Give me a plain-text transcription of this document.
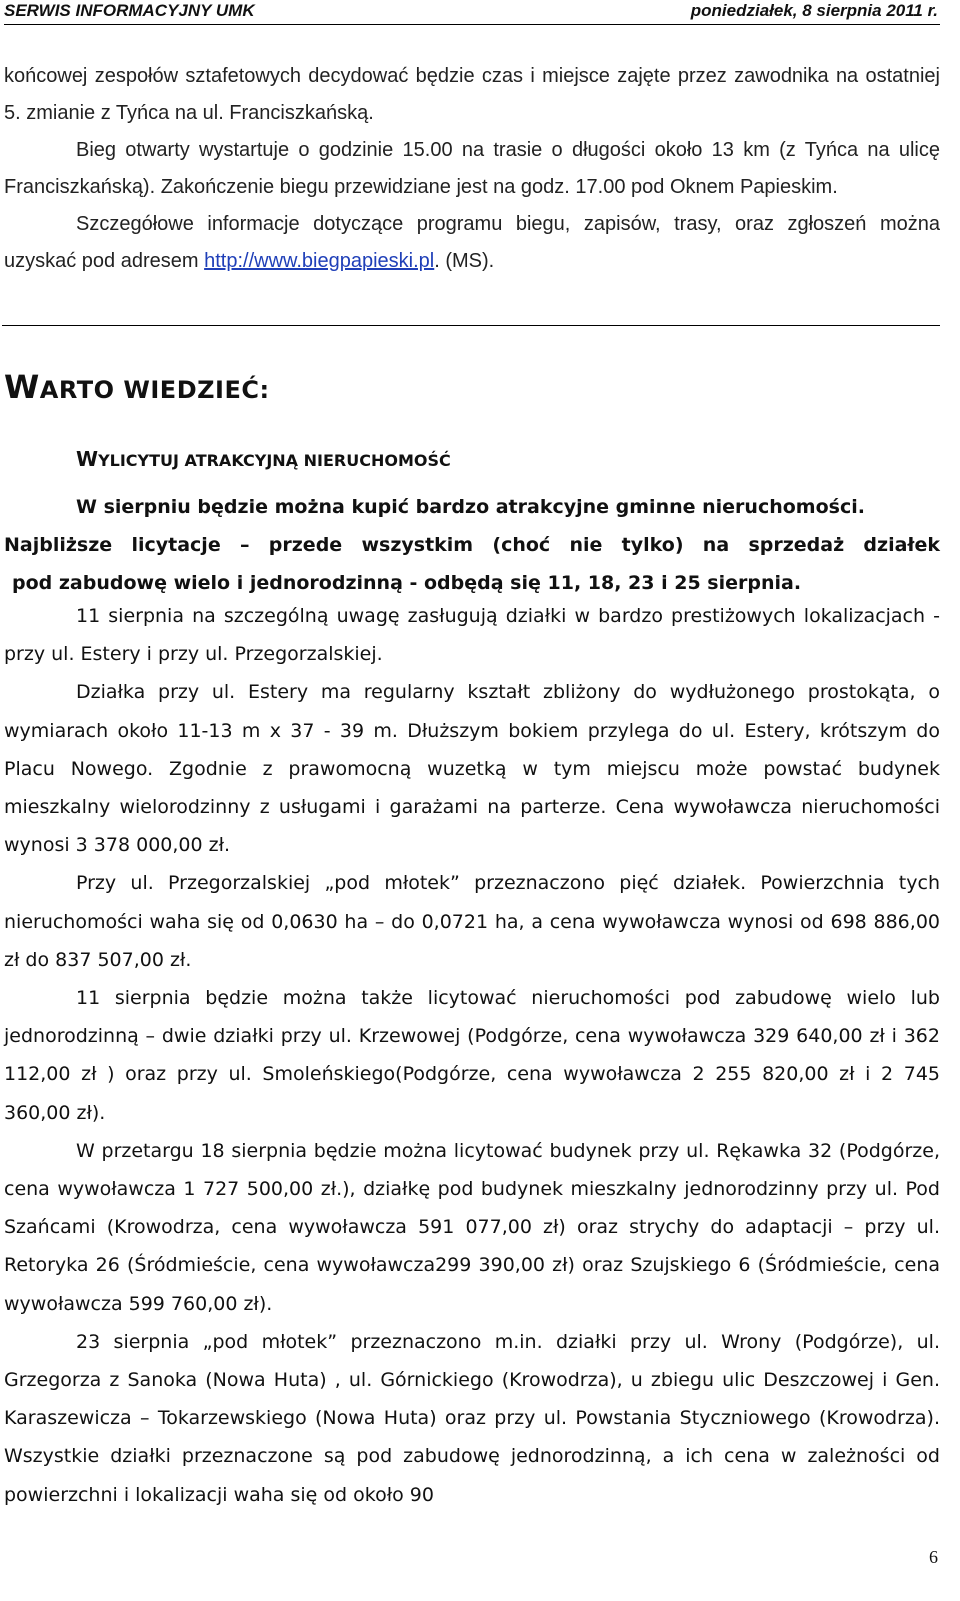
SERWIS INFORMACYJNY UMK	poniedziałek, 8 sierpnia 2011 r.
końcowej zespołów sztafetowych decydować będzie czas i miejsce zajęte przez zawodnika na ostatniej 5. zmianie z Tyńca na ul. Franciszkańską.
Bieg otwarty wystartuje o godzinie 15.00 na trasie o długości około 13 km (z Tyńca na ulicę Franciszkańską). Zakończenie biegu przewidziane jest na godz. 17.00 pod Oknem Papieskim.
Szczegółowe informacje dotyczące programu biegu, zapisów, trasy, oraz zgłoszeń można uzyskać pod adresem http://www.biegpapieski.pl. (MS).
WARTO WIEDZIEĆ:
WYLICYTUJ ATRAKCYJNĄ NIERUCHOMOŚĆ
W sierpniu będzie można kupić bardzo atrakcyjne gminne nieruchomości.
Najbliższe licytacje – przede wszystkim (choć nie tylko) na sprzedaż działek
pod zabudowę wielo i jednorodzinną - odbędą się 11, 18, 23 i 25 sierpnia.
11 sierpnia na szczególną uwagę zasługują działki w bardzo prestiżowych lokalizacjach - przy ul. Estery i przy ul. Przegorzalskiej.
Działka przy ul. Estery ma regularny kształt zbliżony do wydłużonego prostokąta, o wymiarach około 11-13 m x 37 - 39 m. Dłuższym bokiem przylega do ul. Estery, krótszym do Placu Nowego. Zgodnie z prawomocną wuzetką w tym miejscu może powstać budynek mieszkalny wielorodzinny z usługami i garażami na parterze. Cena wywoławcza nieruchomości wynosi 3 378 000,00 zł.
Przy ul. Przegorzalskiej „pod młotek” przeznaczono pięć działek. Powierzchnia tych nieruchomości waha się od 0,0630 ha – do 0,0721 ha, a cena wywoławcza wynosi od 698 886,00 zł do 837 507,00 zł.
11 sierpnia będzie można także licytować nieruchomości pod zabudowę wielo lub jednorodzinną – dwie działki przy ul. Krzewowej (Podgórze, cena wywoławcza 329 640,00 zł i 362 112,00 zł ) oraz przy ul. Smoleńskiego(Podgórze, cena wywoławcza 2 255 820,00 zł i 2 745 360,00 zł).
W przetargu 18 sierpnia będzie można licytować budynek przy ul. Rękawka 32 (Podgórze, cena wywoławcza 1 727 500,00 zł.), działkę pod budynek mieszkalny jednorodzinny przy ul. Pod Szańcami (Krowodrza, cena wywoławcza 591 077,00 zł) oraz strychy do adaptacji – przy ul. Retoryka 26 (Śródmieście, cena wywoławcza299 390,00 zł) oraz Szujskiego 6 (Śródmieście, cena wywoławcza 599 760,00 zł).
23 sierpnia „pod młotek” przeznaczono m.in. działki przy ul. Wrony (Podgórze), ul. Grzegorza z Sanoka (Nowa Huta) , ul. Górnickiego (Krowodrza), u zbiegu ulic Deszczowej i Gen. Karaszewicza – Tokarzewskiego (Nowa Huta) oraz przy ul. Powstania Styczniowego (Krowodrza). Wszystkie działki przeznaczone są pod zabudowę jednorodzinną, a ich cena w zależności od powierzchni i lokalizacji waha się od około 90
6
